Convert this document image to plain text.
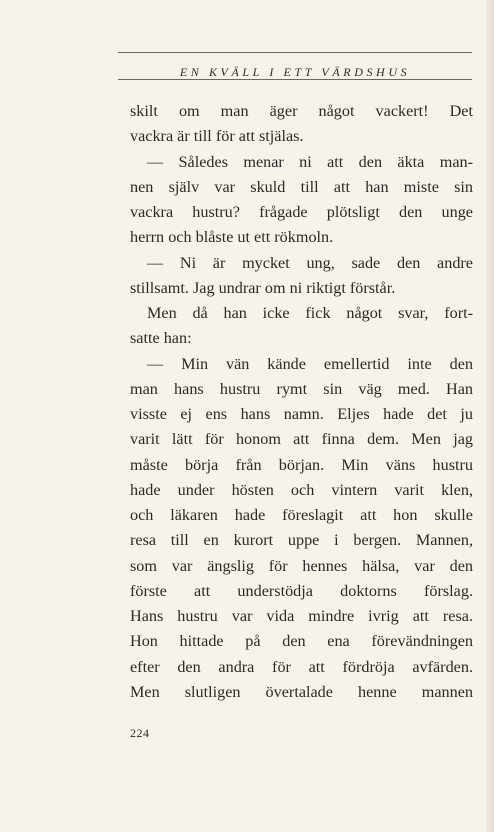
EN KVÄLL I ETT VÄRDSHUS
skilt om man äger något vackert! Det
vackra är till för att stjälas.
— Således menar ni att den äkta man-
nen själv var skuld till att han miste sin
vackra hustru? frågade plötsligt den unge
herrn och blåste ut ett rökmoln.
— Ni är mycket ung, sade den andre
stillsamt. Jag undrar om ni riktigt förstår.
Men då han icke fick något svar, fort-
satte han:
— Min vän kände emellertid inte den
man hans hustru rymt sin väg med. Han
visste ej ens hans namn. Eljes hade det ju
varit lätt för honom att finna dem. Men jag
måste börja från början. Min väns hustru
hade under hösten och vintern varit klen,
och läkaren hade föreslagit att hon skulle
resa till en kurort uppe i bergen. Mannen,
som var ängslig för hennes hälsa, var den
förste att understödja doktorns förslag.
Hans hustru var vida mindre ivrig att resa.
Hon hittade på den ena förevändningen
efter den andra för att fördröja avfärden.
Men slutligen övertalade henne mannen
224
